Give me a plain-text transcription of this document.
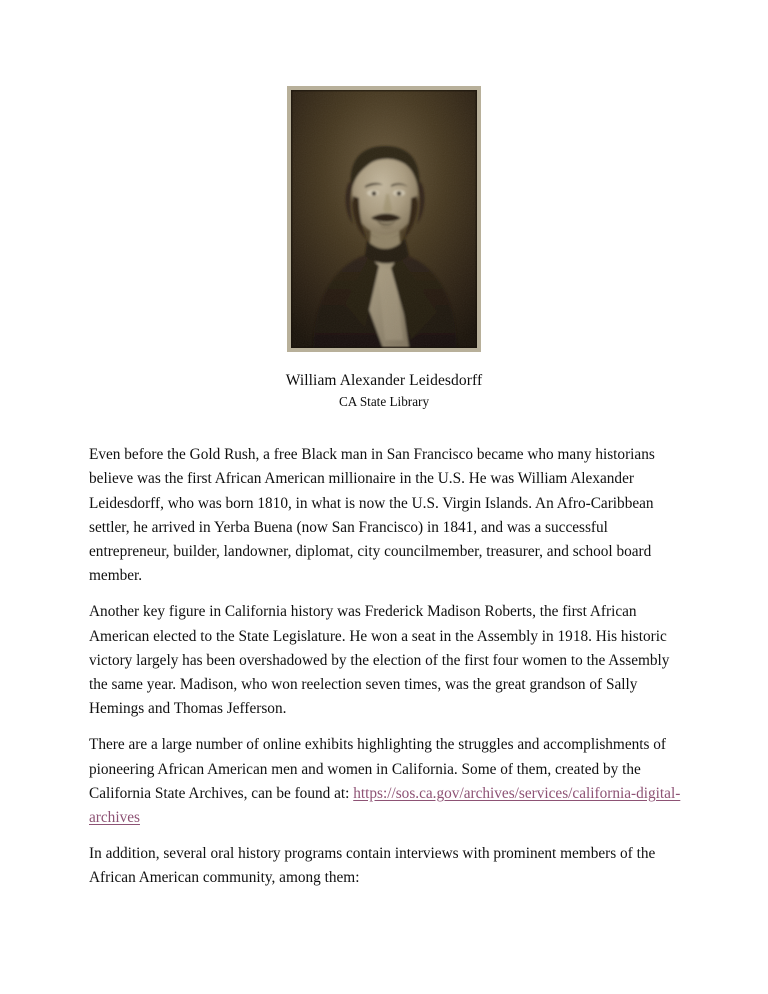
William Alexander Leidesdorff
CA State Library

Even before the Gold Rush, a free Black man in San Francisco became who many historians believe was the first African American millionaire in the U.S. He was William Alexander Leidesdorff, who was born 1810, in what is now the U.S. Virgin Islands. An Afro-Caribbean settler, he arrived in Yerba Buena (now San Francisco) in 1841, and was a successful entrepreneur, builder, landowner, diplomat, city councilmember, treasurer, and school board member.

Another key figure in California history was Frederick Madison Roberts, the first African American elected to the State Legislature. He won a seat in the Assembly in 1918. His historic victory largely has been overshadowed by the election of the first four women to the Assembly the same year. Madison, who won reelection seven times, was the great grandson of Sally Hemings and Thomas Jefferson.

There are a large number of online exhibits highlighting the struggles and accomplishments of pioneering African American men and women in California. Some of them, created by the California State Archives, can be found at: https://sos.ca.gov/archives/services/california-digital-archives

In addition, several oral history programs contain interviews with prominent members of the African American community, among them:
